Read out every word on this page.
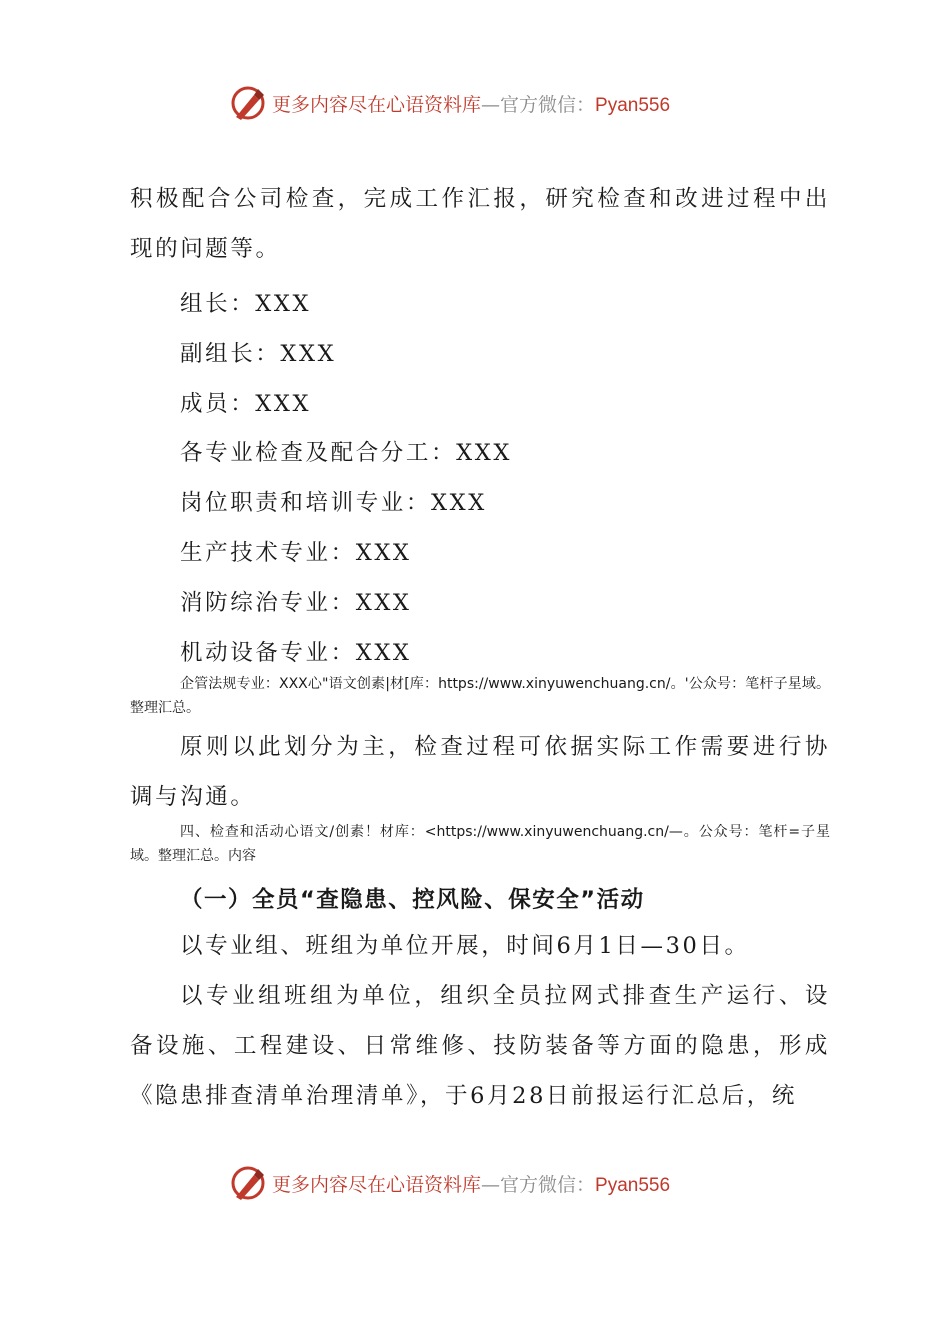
更多内容尽在心语资料库—官方微信：Pyan556
积极配合公司检查，完成工作汇报，研究检查和改进过程中出现的问题等。
组长：XXX
副组长：XXX
成员：XXX
各专业检查及配合分工：XXX
岗位职责和培训专业：XXX
生产技术专业：XXX
消防综治专业：XXX
机动设备专业：XXX
企管法规专业：XXX心"语文创素|材[库：https://www.xinyuwenchuang.cn/。'公众号：笔杆子星域。整理汇总。
原则以此划分为主，检查过程可依据实际工作需要进行协调与沟通。
四、检查和活动心语文/创素！材库：<https://www.xinyuwenchuang.cn/—。公众号：笔杆=子星域。整理汇总。内容
（一）全员“查隐患、控风险、保安全”活动
以专业组、班组为单位开展，时间6月1日—30日。
以专业组班组为单位，组织全员拉网式排查生产运行、设备设施、工程建设、日常维修、技防装备等方面的隐患，形成《隐患排查清单治理清单》，于6月28日前报运行汇总后，统
更多内容尽在心语资料库—官方微信：Pyan556
